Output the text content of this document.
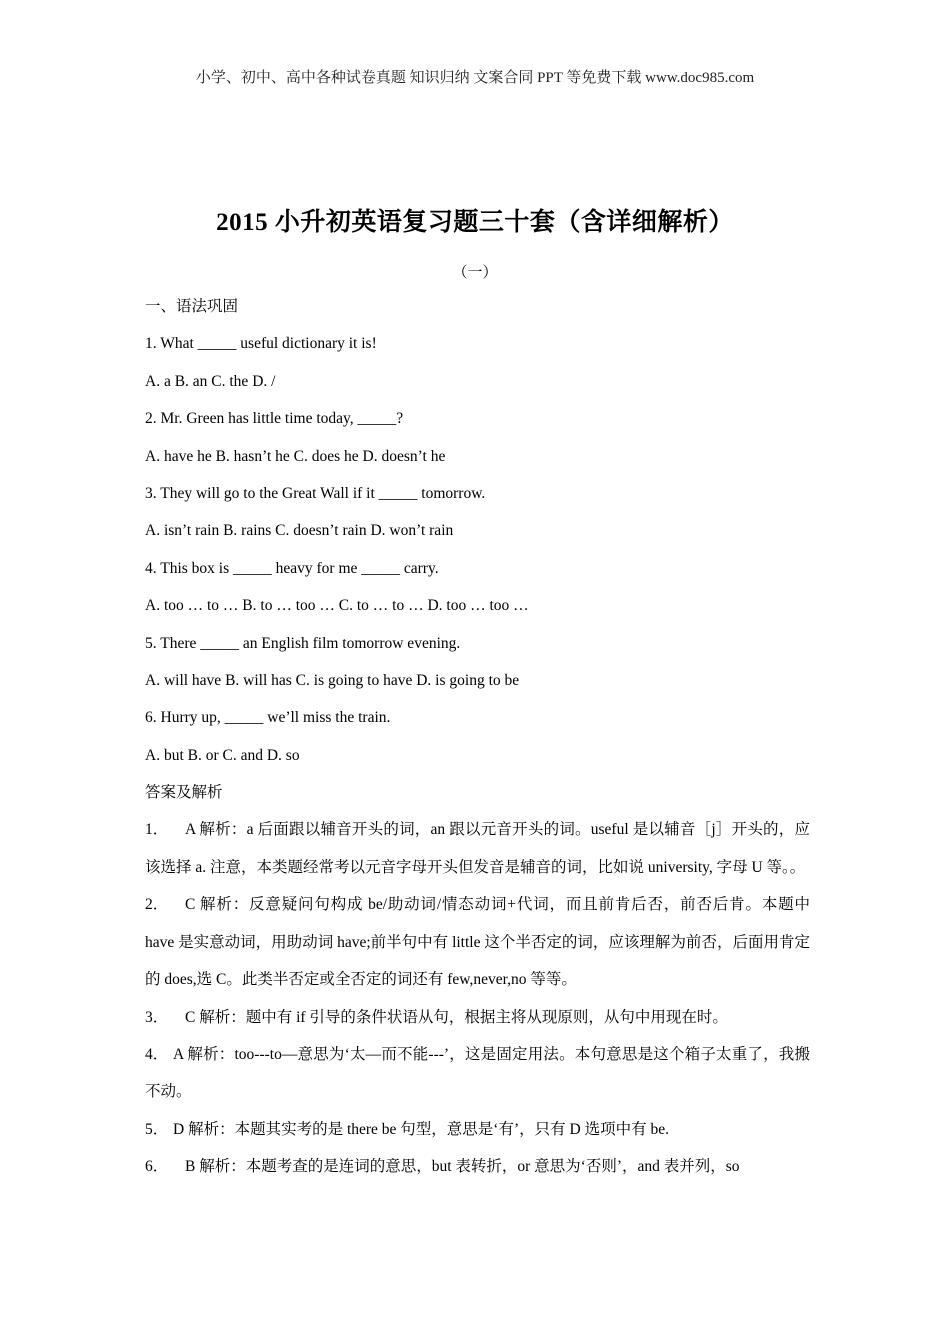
小学、初中、高中各种试卷真题 知识归纳 文案合同 PPT 等免费下载 www.doc985.com
2015 小升初英语复习题三十套（含详细解析）
（一）
一、语法巩固
1. What _____ useful dictionary it is!
A. a B. an C. the D. /
2. Mr. Green has little time today, _____?
A. have he B. hasn’t he C. does he D. doesn’t he
3. They will go to the Great Wall if it _____ tomorrow.
A. isn’t rain B. rains C. doesn’t rain D. won’t rain
4. This box is _____ heavy for me _____ carry.
A. too … to … B. to … too … C. to … to … D. too … too …
5. There _____ an English film tomorrow evening.
A. will have B. will has C. is going to have D. is going to be
6. Hurry up, _____ we’ll miss the train.
A. but B. or C. and D. so
答案及解析
1． A 解析：a 后面跟以辅音开头的词，an 跟以元音开头的词。useful 是以辅音［j］开头的，应该选择 a. 注意，本类题经常考以元音字母开头但发音是辅音的词，比如说 university, 字母 U 等。。
2． C 解析：反意疑问句构成 be/助动词/情态动词+代词，而且前肯后否，前否后肯。本题中 have 是实意动词，用助动词 have;前半句中有 little 这个半否定的词，应该理解为前否，后面用肯定的 does,选 C。此类半否定或全否定的词还有 few,never,no 等等。
3． C 解析：题中有 if 引导的条件状语从句，根据主将从现原则，从句中用现在时。
4． A 解析：too---to—意思为‘太—而不能---’，这是固定用法。本句意思是这个箱子太重了，我搬不动。
5． D 解析：本题其实考的是 there be 句型，意思是‘有’，只有 D 选项中有 be.
6． B 解析：本题考查的是连词的意思，but 表转折，or 意思为‘否则’，and 表并列，so
